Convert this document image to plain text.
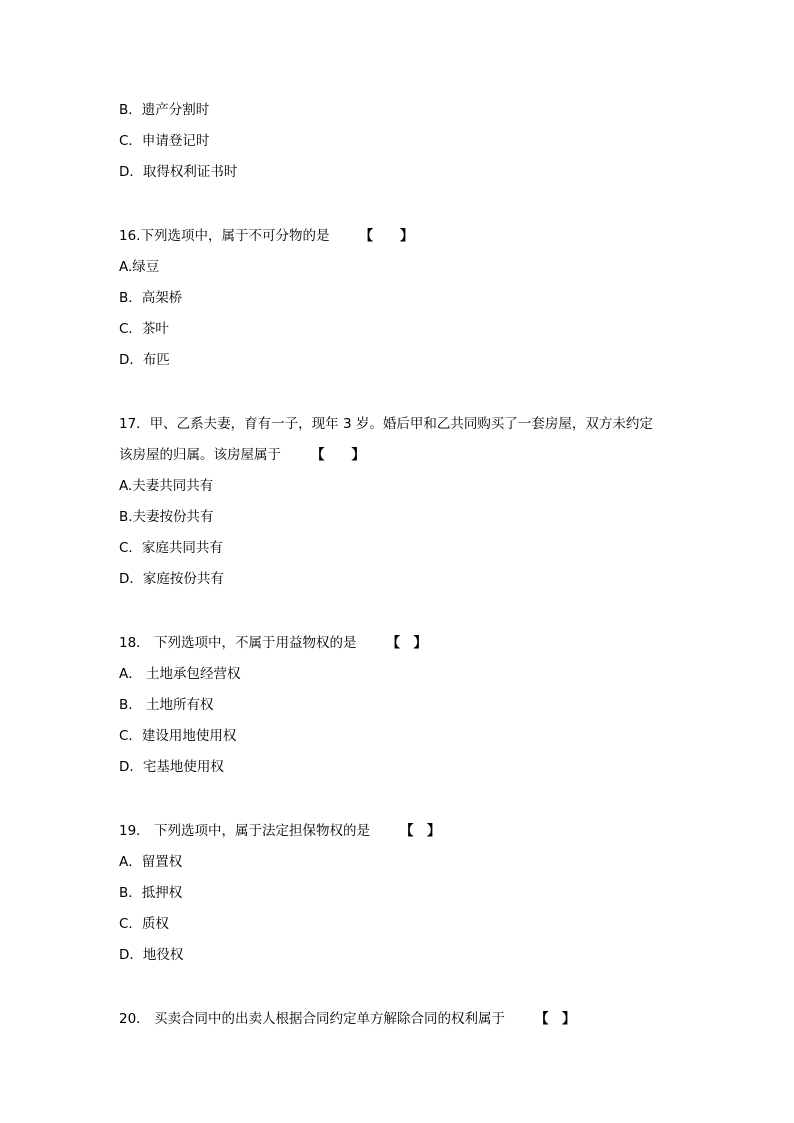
B．遗产分割时
C．申请登记时
D．取得权利证书时
16.下列选项中，属于不可分物的是 【　　】
A.绿豆
B．高架桥
C．茶叶
D．布匹
17．甲、乙系夫妻，育有一子，现年 3 岁。婚后甲和乙共同购买了一套房屋，双方未约定
该房屋的归属。该房屋属于 【　　】
A.夫妻共同共有
B.夫妻按份共有
C．家庭共同共有
D．家庭按份共有
18． 下列选项中，不属于用益物权的是 【　】
A． 土地承包经营权
B． 土地所有权
C．建设用地使用权
D．宅基地使用权
19． 下列选项中，属于法定担保物权的是 【　】
A．留置权
B．抵押权
C．质权
D．地役权
20． 买卖合同中的出卖人根据合同约定单方解除合同的权利属于 【　】
